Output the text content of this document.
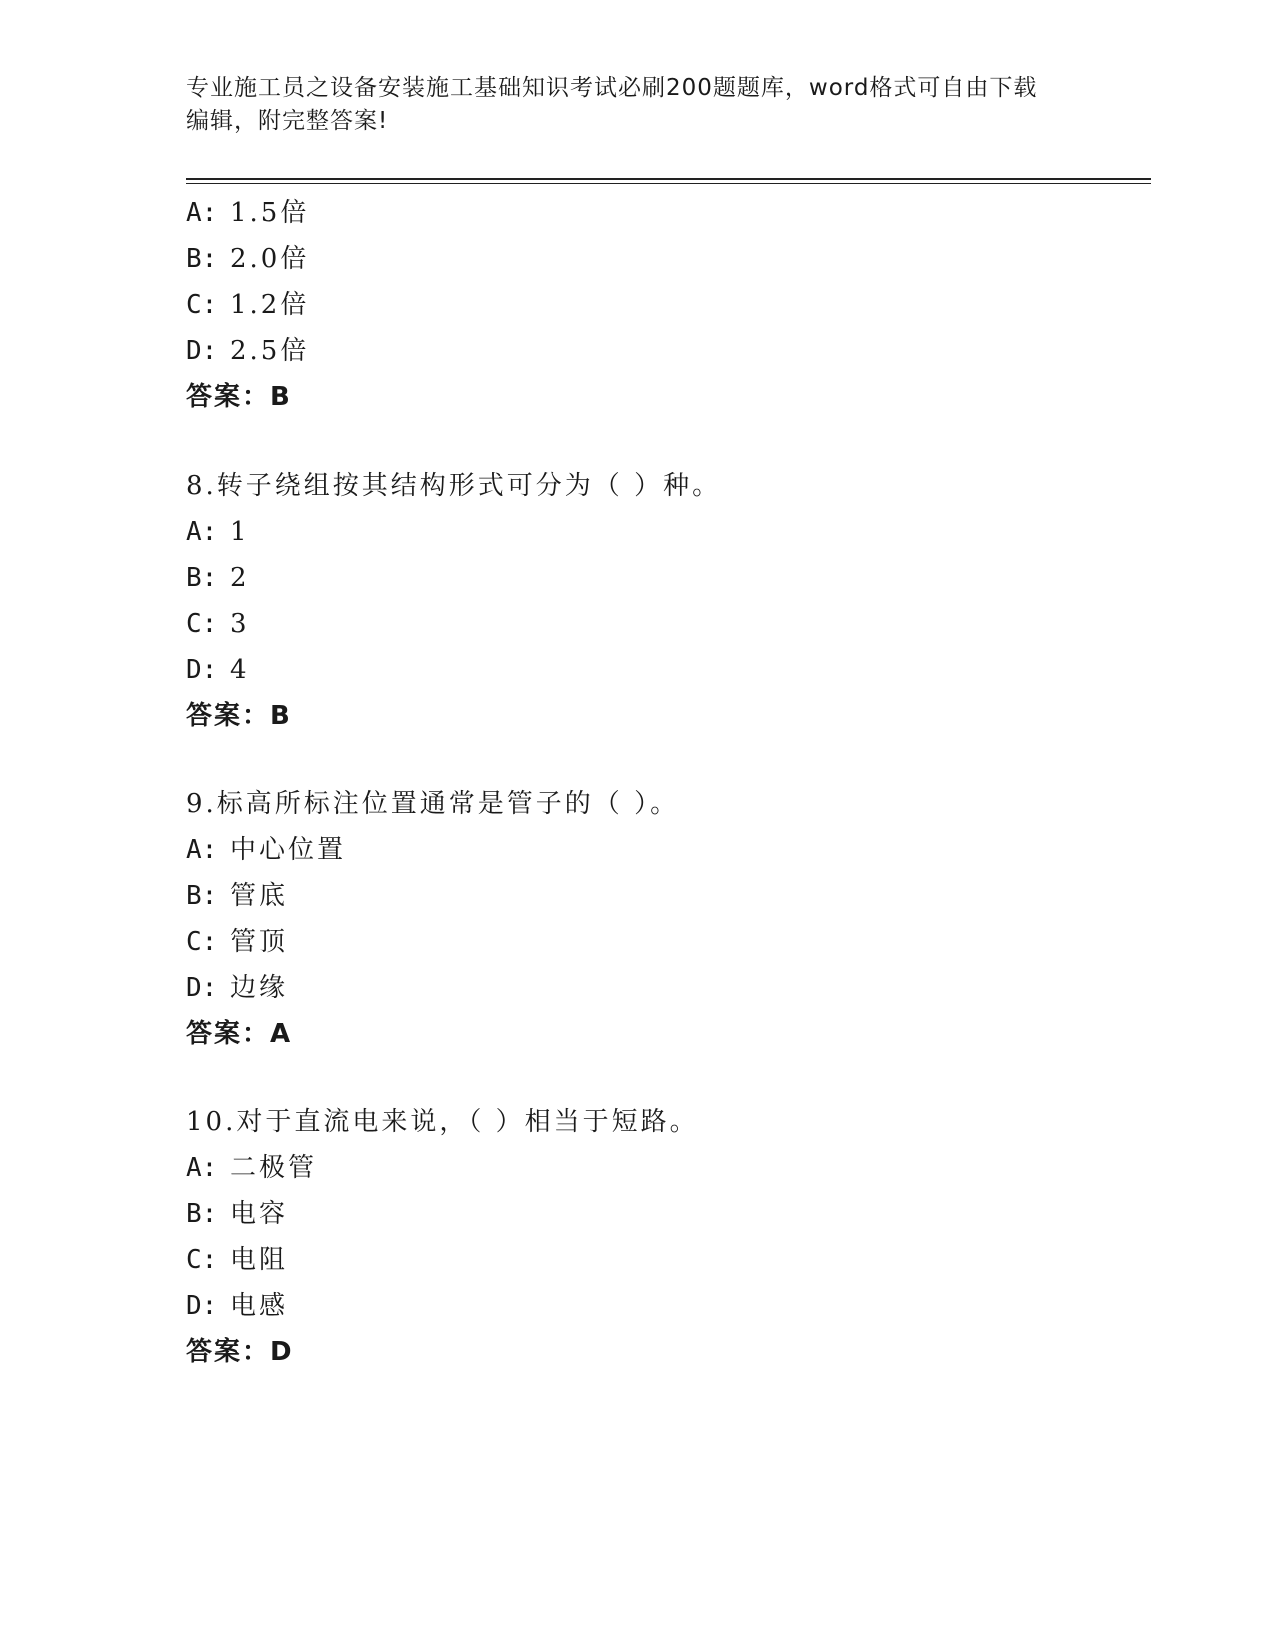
专业施工员之设备安装施工基础知识考试必刷200题题库，word格式可自由下载
编辑，附完整答案!
A: 1.5倍
B: 2.0倍
C: 1.2倍
D: 2.5倍
答案：B
8.转子绕组按其结构形式可分为（ ）种。
A: 1
B: 2
C: 3
D: 4
答案：B
9.标高所标注位置通常是管子的（ ）。
A: 中心位置
B: 管底
C: 管顶
D: 边缘
答案：A
10.对于直流电来说，（ ）相当于短路。
A: 二极管
B: 电容
C: 电阻
D: 电感
答案：D
